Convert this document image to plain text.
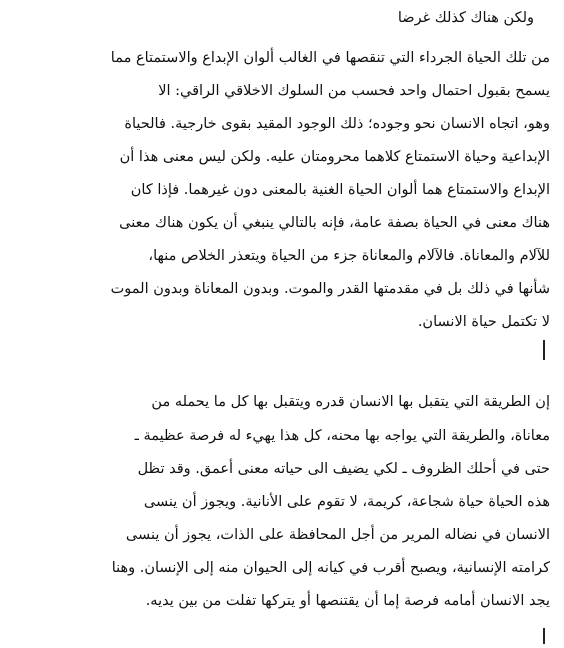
ولكن هناك كذلك غرضا
من تلك الحياة الجرداء التي تنقصها في الغالب ألوان الإبداع والاستمتاع مما
يسمح بقبول احتمال واحد فحسب من السلوك الاخلاقي الراقي: الا
وهو، اتجاه الانسان نحو وجوده؛ ذلك الوجود المقيد بقوى خارجية. فالحياة
الإبداعية وحياة الاستمتاع كلاهما محرومتان عليه. ولكن ليس معنى هذا أن
الإبداع والاستمتاع هما ألوان الحياة الغنية بالمعنى دون غيرهما. فإذا كان
هناك معنى في الحياة بصفة عامة، فإنه بالتالي ينبغي أن يكون هناك معنى
للآلام والمعاناة. فالآلام والمعاناة جزء من الحياة ويتعذر الخلاص منها،
شأنها في ذلك بل في مقدمتها القدر والموت. وبدون المعاناة وبدون الموت
لا تكتمل حياة الانسان.
إن الطريقة التي يتقبل بها الانسان قدره ويتقبل بها كل ما يحمله من
معاناة، والطريقة التي يواجه بها محنه، كل هذا يهيء له فرصة عظيمة ـ
حتى في أحلك الظروف ـ لكي يضيف الى حياته معنى أعمق. وقد تظل
هذه الحياة حياة شجاعة، كريمة، لا تقوم على الأنانية. ويجوز أن ينسى
الانسان في نضاله المرير من أجل المحافظة على الذات، يجوز أن ينسى
كرامته الإنسانية، ويصبح أقرب في كيانه إلى الحيوان منه إلى الإنسان. وهنا
يجد الانسان أمامه فرصة إما أن يقتنصها أو يتركها تفلت من بين يديه.
